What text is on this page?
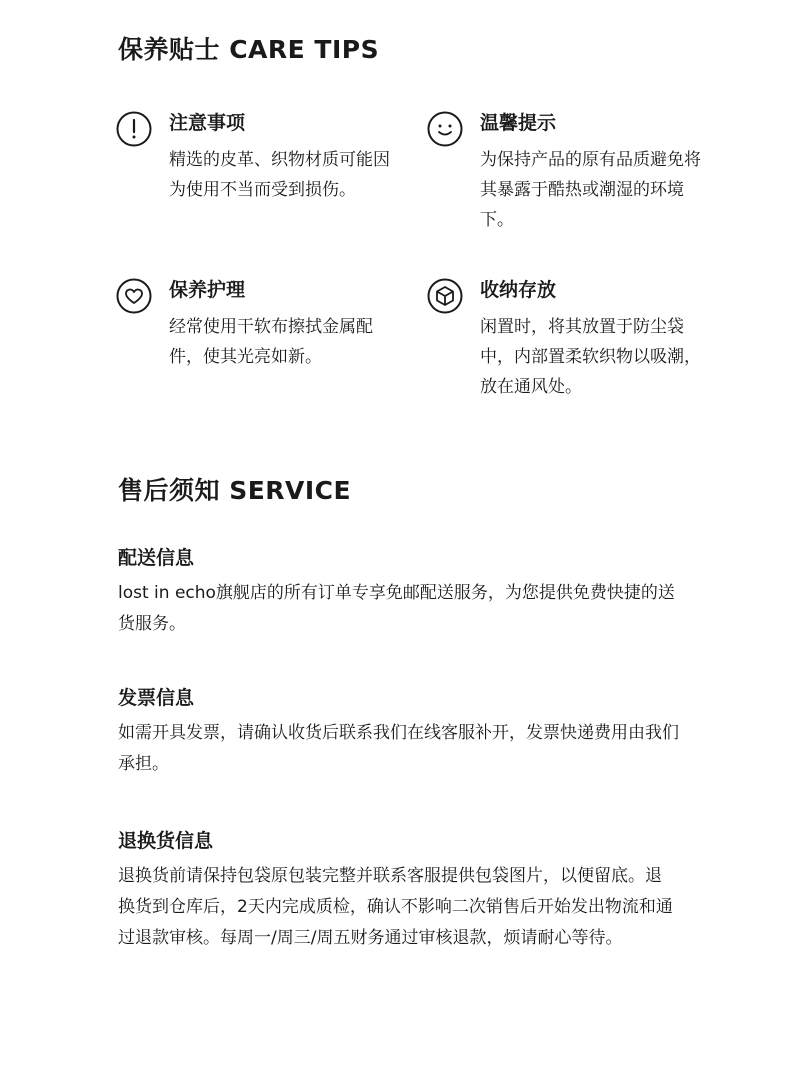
保养贴士 CARE TIPS
注意事项

精选的皮革、织物材质可能因为使用不当而受到损伤。

温馨提示

为保持产品的原有品质避免将其暴露于酷热或潮湿的环境下。

保养护理

经常使用干软布擦拭金属配件，使其光亮如新。

收纳存放

闲置时，将其放置于防尘袋中，内部置柔软织物以吸潮，放在通风处。

售后须知 SERVICE
配送信息

lost in echo旗舰店的所有订单专享免邮配送服务，为您提供免费快捷的送货服务。

发票信息

如需开具发票，请确认收货后联系我们在线客服补开，发票快递费用由我们承担。

退换货信息

退换货前请保持包袋原包装完整并联系客服提供包袋图片，以便留底。退换货到仓库后，2天内完成质检，确认不影响二次销售后开始发出物流和通过退款审核。每周一/周三/周五财务通过审核退款，烦请耐心等待。
